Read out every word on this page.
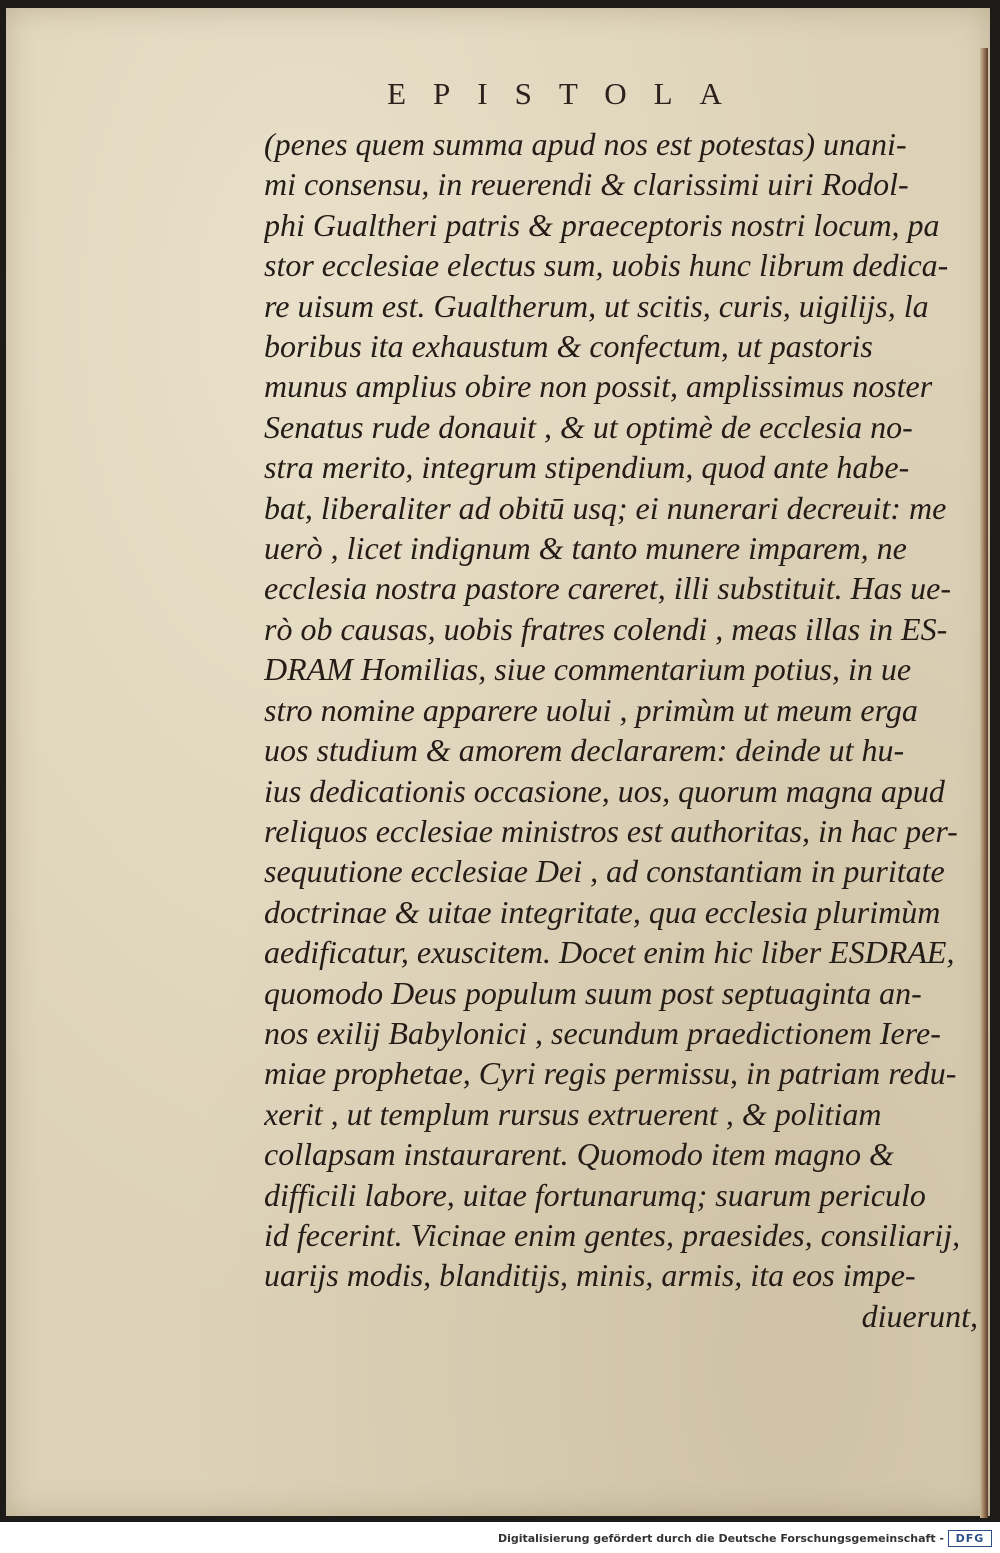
EPISTOLA
(penes quem summa apud nos est potestas) unani-
mi consensu, in reuerendi & clarissimi uiri Rodol-
phi Gualtheri patris & praeceptoris nostri locum, pa
stor ecclesiae electus sum, uobis hunc librum dedica-
re uisum est. Gualtherum, ut scitis, curis, uigilijs, la
boribus ita exhaustum & confectum, ut pastoris
munus amplius obire non possit, amplissimus noster
Senatus rude donauit , & ut optimè de ecclesia no-
stra merito, integrum stipendium, quod ante habe-
bat, liberaliter ad obitū usq; ei nunerari decreuit: me
uerò , licet indignum & tanto munere imparem, ne
ecclesia nostra pastore careret, illi substituit. Has ue-
rò ob causas, uobis fratres colendi , meas illas in ES-
DRAM Homilias, siue commentarium potius, in ue
stro nomine apparere uolui , primùm ut meum erga
uos studium & amorem declararem: deinde ut hu-
ius dedicationis occasione, uos, quorum magna apud
reliquos ecclesiae ministros est authoritas, in hac per-
sequutione ecclesiae Dei , ad constantiam in puritate
doctrinae & uitae integritate, qua ecclesia plurimùm
aedificatur, exuscitem. Docet enim hic liber ESDRAE,
quomodo Deus populum suum post septuaginta an-
nos exilij Babylonici , secundum praedictionem Iere-
miae prophetae, Cyri regis permissu, in patriam redu-
xerit , ut templum rursus extruerent , & politiam
collapsam instaurarent. Quomodo item magno &
difficili labore, uitae fortunarumq; suarum periculo
id fecerint. Vicinae enim gentes, praesides, consiliarij,
uarijs modis, blanditijs, minis, armis, ita eos impe-
diuerunt,
Digitalisierung gefördert durch die Deutsche Forschungsgemeinschaft -	DFG
